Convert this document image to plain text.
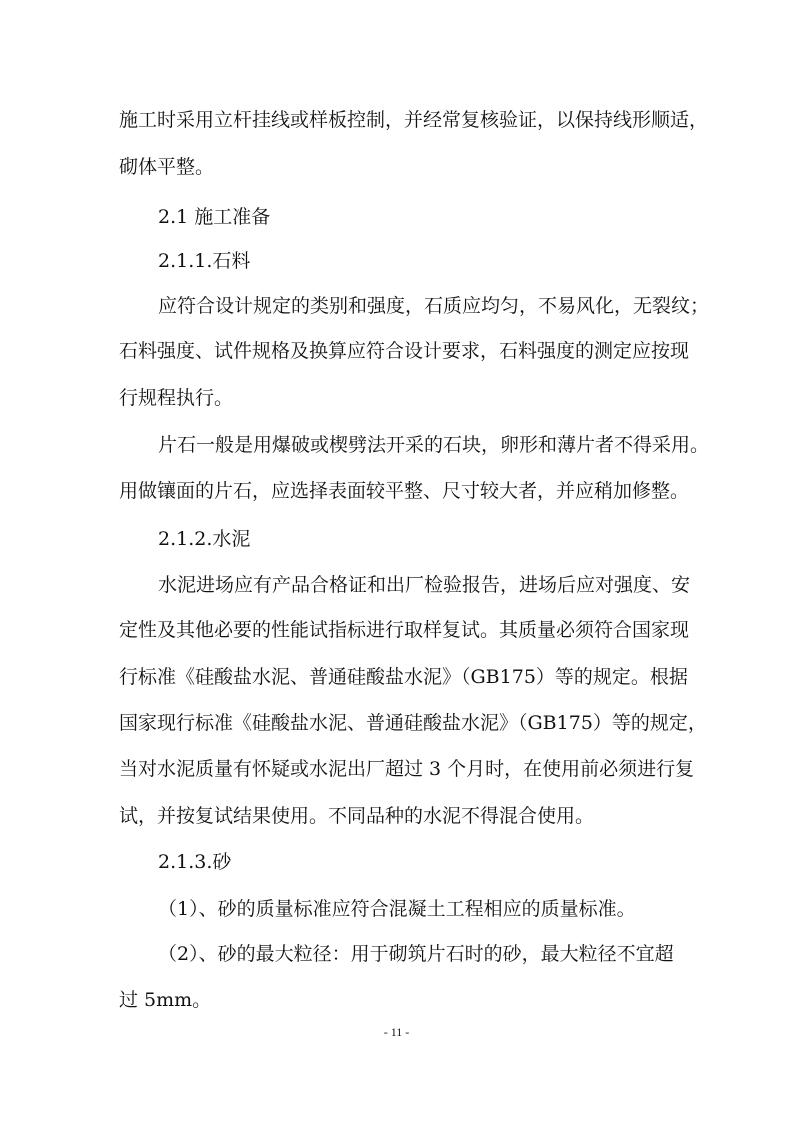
施工时采用立杆挂线或样板控制，并经常复核验证，以保持线形顺适，
砌体平整。
2.1 施工准备
2.1.1.石料
应符合设计规定的类别和强度，石质应均匀，不易风化，无裂纹；
石料强度、试件规格及换算应符合设计要求，石料强度的测定应按现
行规程执行。
片石一般是用爆破或楔劈法开采的石块，卵形和薄片者不得采用。
用做镶面的片石，应选择表面较平整、尺寸较大者，并应稍加修整。
2.1.2.水泥
水泥进场应有产品合格证和出厂检验报告，进场后应对强度、安
定性及其他必要的性能试指标进行取样复试。其质量必须符合国家现
行标准《硅酸盐水泥、普通硅酸盐水泥》（GB175）等的规定。根据
国家现行标准《硅酸盐水泥、普通硅酸盐水泥》（GB175）等的规定，
当对水泥质量有怀疑或水泥出厂超过 3 个月时，在使用前必须进行复
试，并按复试结果使用。不同品种的水泥不得混合使用。
2.1.3.砂
（1）、砂的质量标准应符合混凝土工程相应的质量标准。
（2）、砂的最大粒径：用于砌筑片石时的砂，最大粒径不宜超
过 5mm。
- 11 -
